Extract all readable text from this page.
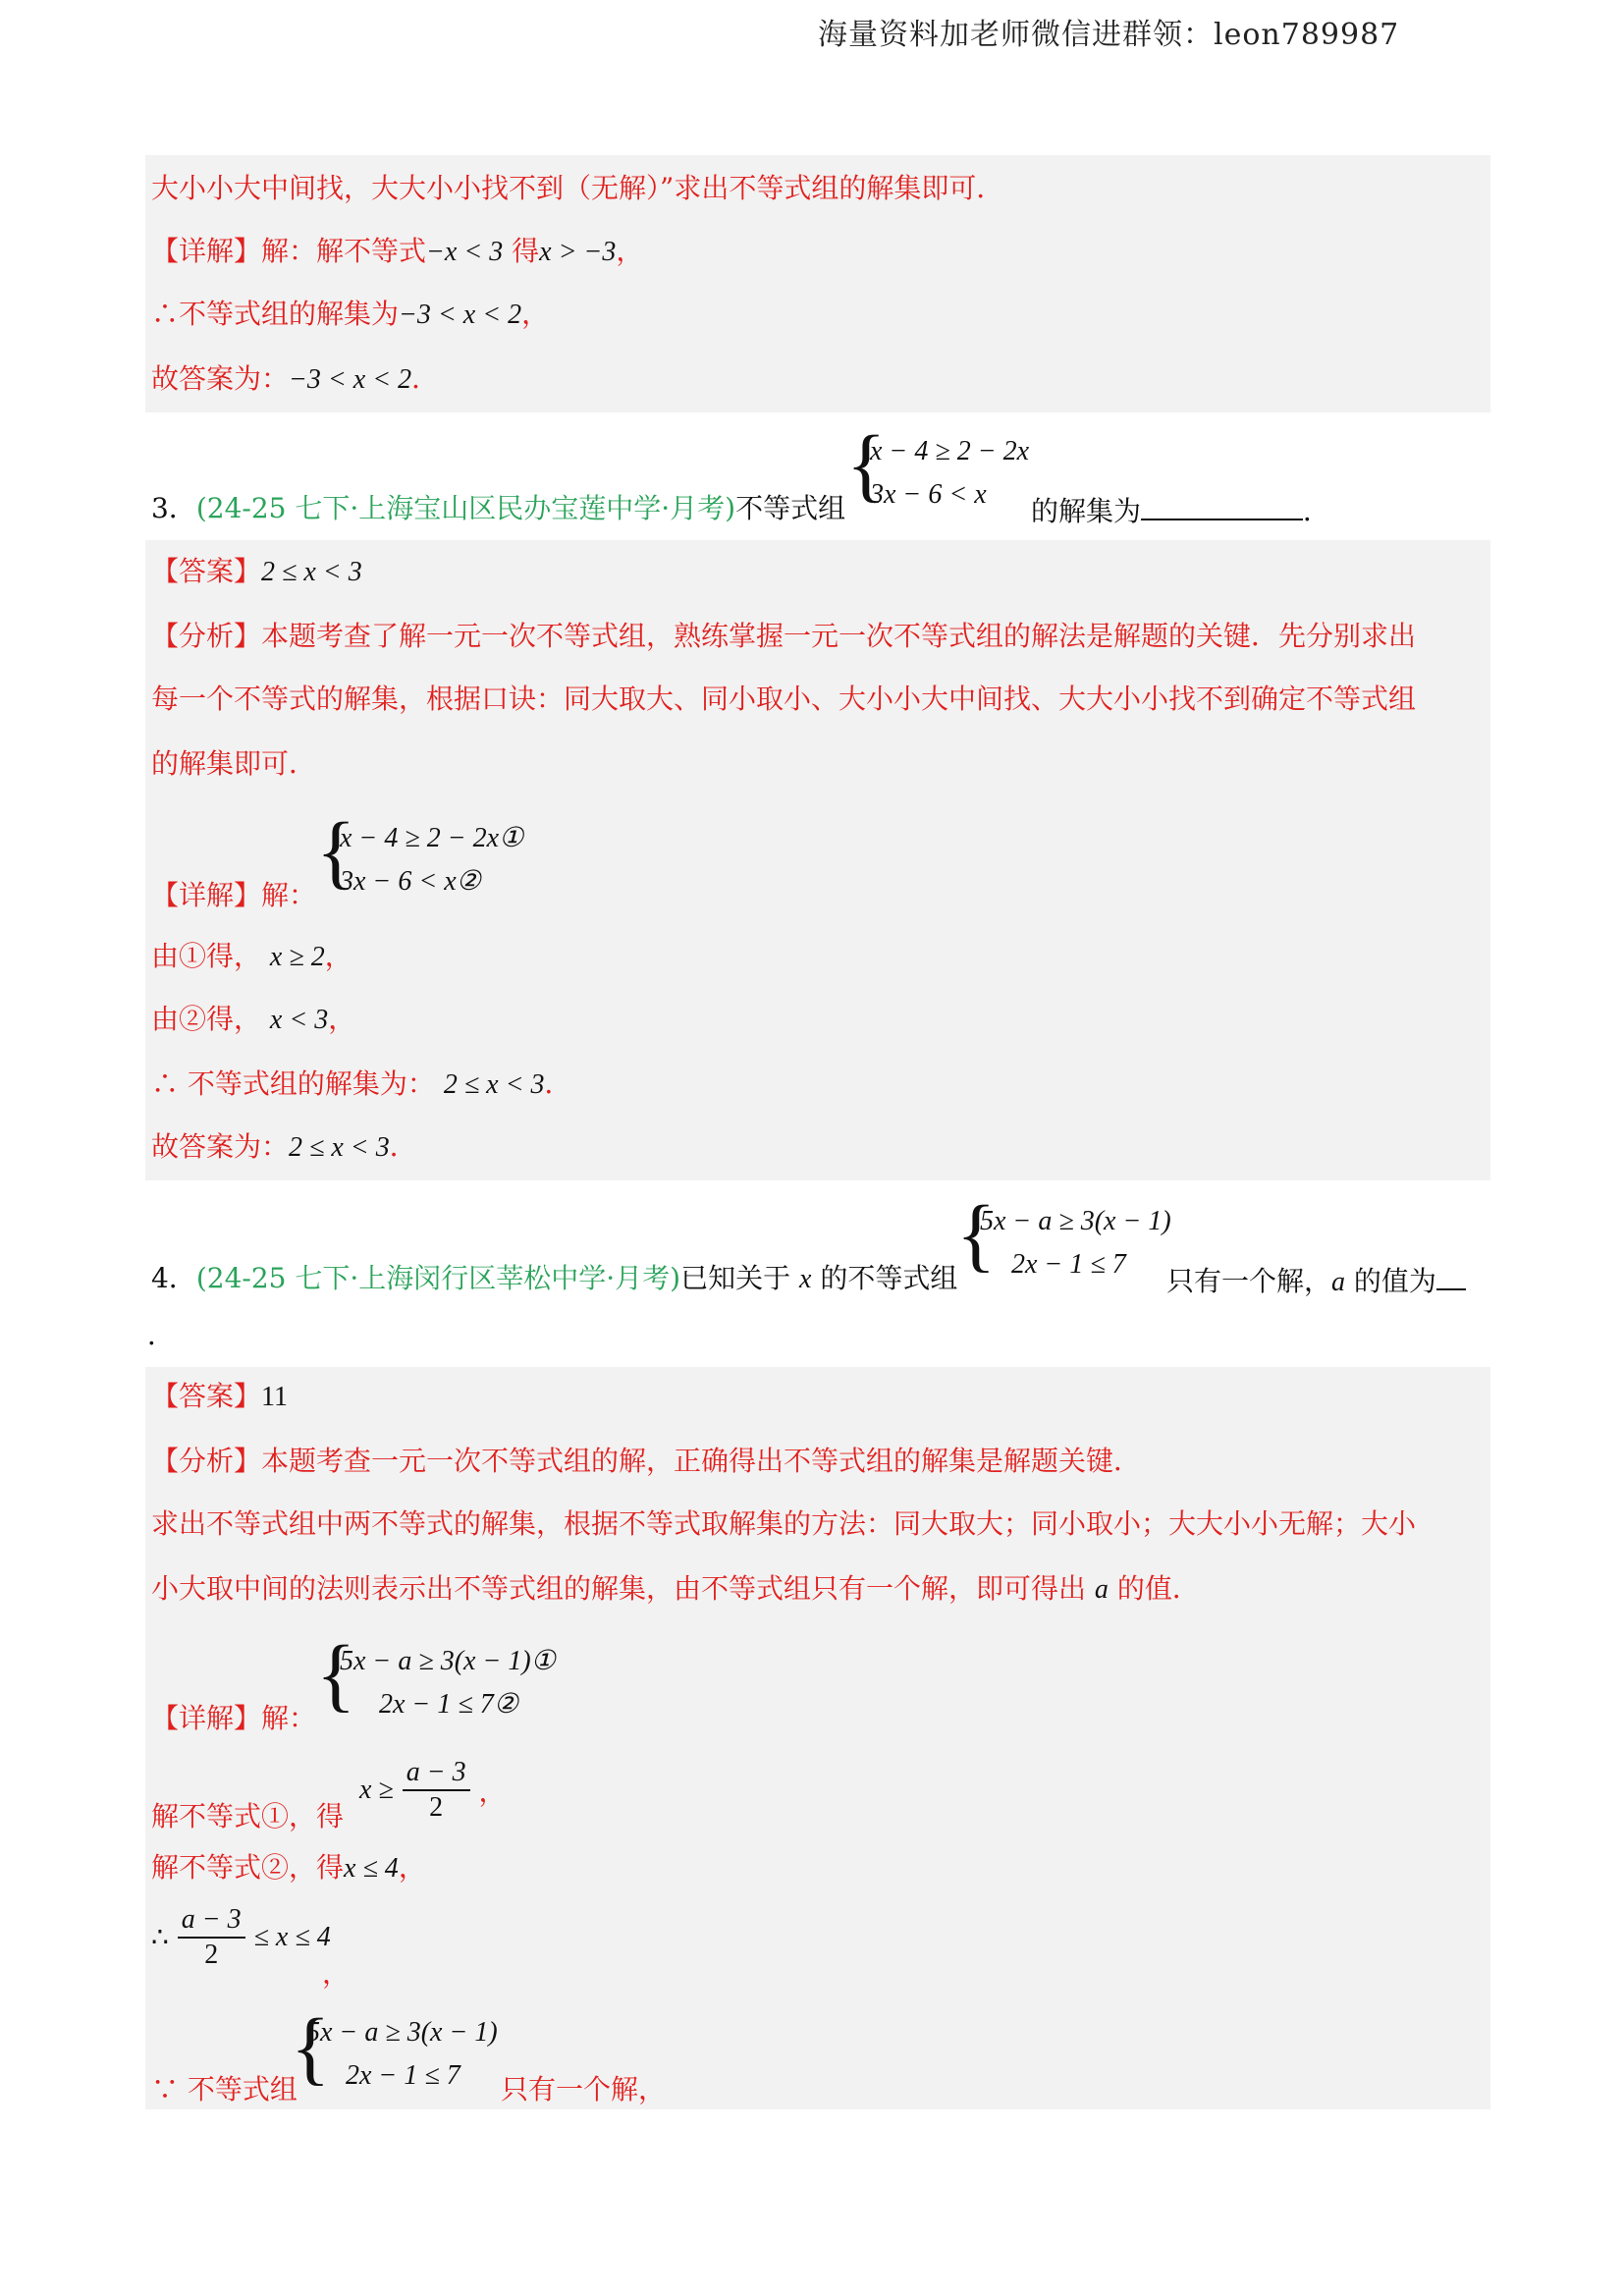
海量资料加老师微信进群领：leon789987
大小小大中间找，大大小小找不到（无解）”求出不等式组的解集即可．
【详解】解：解不等式−x < 3 得x > −3，
∴不等式组的解集为−3 < x < 2，
故答案为：−3 < x < 2．
3．(24-25 七下·上海宝山区民办宝莲中学·月考)不等式组 {
x − 4 ≥ 2 − 2x
3x − 6 < x
的解集为	．
【答案】2 ≤ x < 3
【分析】本题考查了解一元一次不等式组，熟练掌握一元一次不等式组的解法是解题的关键．先分别求出
每一个不等式的解集，根据口诀：同大取大、同小取小、大小小大中间找、大大小小找不到确定不等式组
的解集即可．
【详解】解： {
x − 4 ≥ 2 − 2x①
3x − 6 < x②
由①得， x ≥ 2，
由②得， x < 3，
∴ 不等式组的解集为： 2 ≤ x < 3．
故答案为：2 ≤ x < 3．
4．(24-25 七下·上海闵行区莘松中学·月考)已知关于 x 的不等式组
{
5x − a ≥ 3(x − 1)
2x − 1 ≤ 7
只有一个解，a 的值为
．
【答案】11
【分析】本题考查一元一次不等式组的解，正确得出不等式组的解集是解题关键．
求出不等式组中两不等式的解集，根据不等式取解集的方法：同大取大；同小取小；大大小小无解；大小
小大取中间的法则表示出不等式组的解集，由不等式组只有一个解，即可得出 a 的值．
【详解】解： {
5x − a ≥ 3(x − 1)①
2x − 1 ≤ 7②
解不等式①，得
$x \ge \frac{a - 3}{2}$ ，
解不等式②，得x ≤ 4，
∴ $\frac{a - 3}{2} \le x \le 4$
，
∵ 不等式组
{
5x − a ≥ 3(x − 1)
2x − 1 ≤ 7 只有一个解，
